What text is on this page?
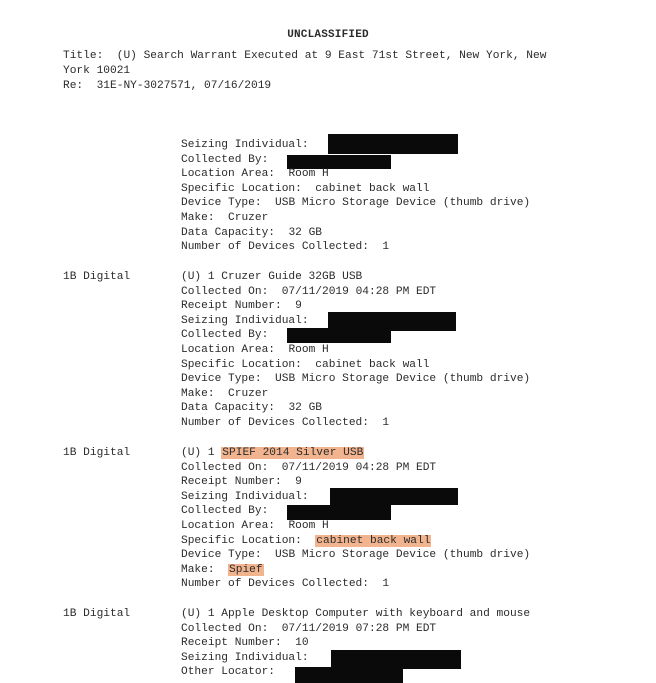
UNCLASSIFIED
Title: (U) Search Warrant Executed at 9 East 71st Street, New York, New
York 10021
Re: 31E-NY-3027571, 07/16/2019
Seizing Individual:
Collected By:
Location Area: Room H
Specific Location: cabinet back wall
Device Type: USB Micro Storage Device (thumb drive)
Make: Cruzer
Data Capacity: 32 GB
Number of Devices Collected: 1
1B Digital	(U) 1 Cruzer Guide 32GB USB
Collected On: 07/11/2019 04:28 PM EDT
Receipt Number: 9
Seizing Individual:
Collected By:
Location Area: Room H
Specific Location: cabinet back wall
Device Type: USB Micro Storage Device (thumb drive)
Make: Cruzer
Data Capacity: 32 GB
Number of Devices Collected: 1
1B Digital	(U) 1 SPIEF 2014 Silver USB
Collected On: 07/11/2019 04:28 PM EDT
Receipt Number: 9
Seizing Individual:
Collected By:
Location Area: Room H
Specific Location: cabinet back wall
Device Type: USB Micro Storage Device (thumb drive)
Make: Spief
Number of Devices Collected: 1
1B Digital	(U) 1 Apple Desktop Computer with keyboard and mouse
Collected On: 07/11/2019 07:28 PM EDT
Receipt Number: 10
Seizing Individual:
Other Locator:
